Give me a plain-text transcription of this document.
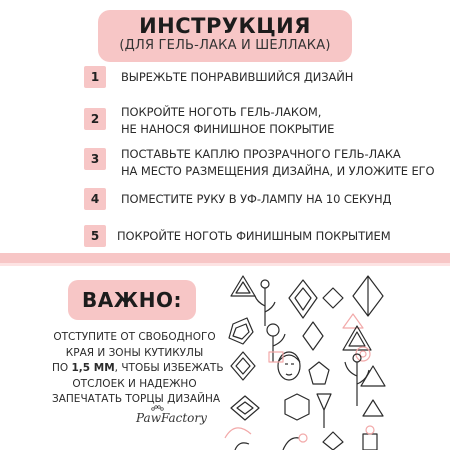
ИНСТРУКЦИЯ
(ДЛЯ ГЕЛЬ-ЛАКА И ШЕЛЛАКА)
1	ВЫРЕЖЬТЕ ПОНРАВИВШИЙСЯ ДИЗАЙН
2	ПОКРОЙТЕ НОГОТЬ ГЕЛЬ-ЛАКОМ,
НЕ НАНОСЯ ФИНИШНОЕ ПОКРЫТИЕ
3	ПОСТАВЬТЕ КАПЛЮ ПРОЗРАЧНОГО ГЕЛЬ-ЛАКА
НА МЕСТО РАЗМЕЩЕНИЯ ДИЗАЙНА, И УЛОЖИТЕ ЕГО
4	ПОМЕСТИТЕ РУКУ В УФ-ЛАМПУ НА 10 СЕКУНД
5	ПОКРОЙТЕ НОГОТЬ ФИНИШНЫМ ПОКРЫТИЕМ
ВАЖНО:
ОТСТУПИТЕ ОТ СВОБОДНОГО
КРАЯ И ЗОНЫ КУТИКУЛЫ
ПО 1,5 ММ, ЧТОБЫ ИЗБЕЖАТЬ
ОТСЛОЕК И НАДЕЖНО
ЗАПЕЧАТАТЬ ТОРЦЫ ДИЗАЙНА
PawFactory
